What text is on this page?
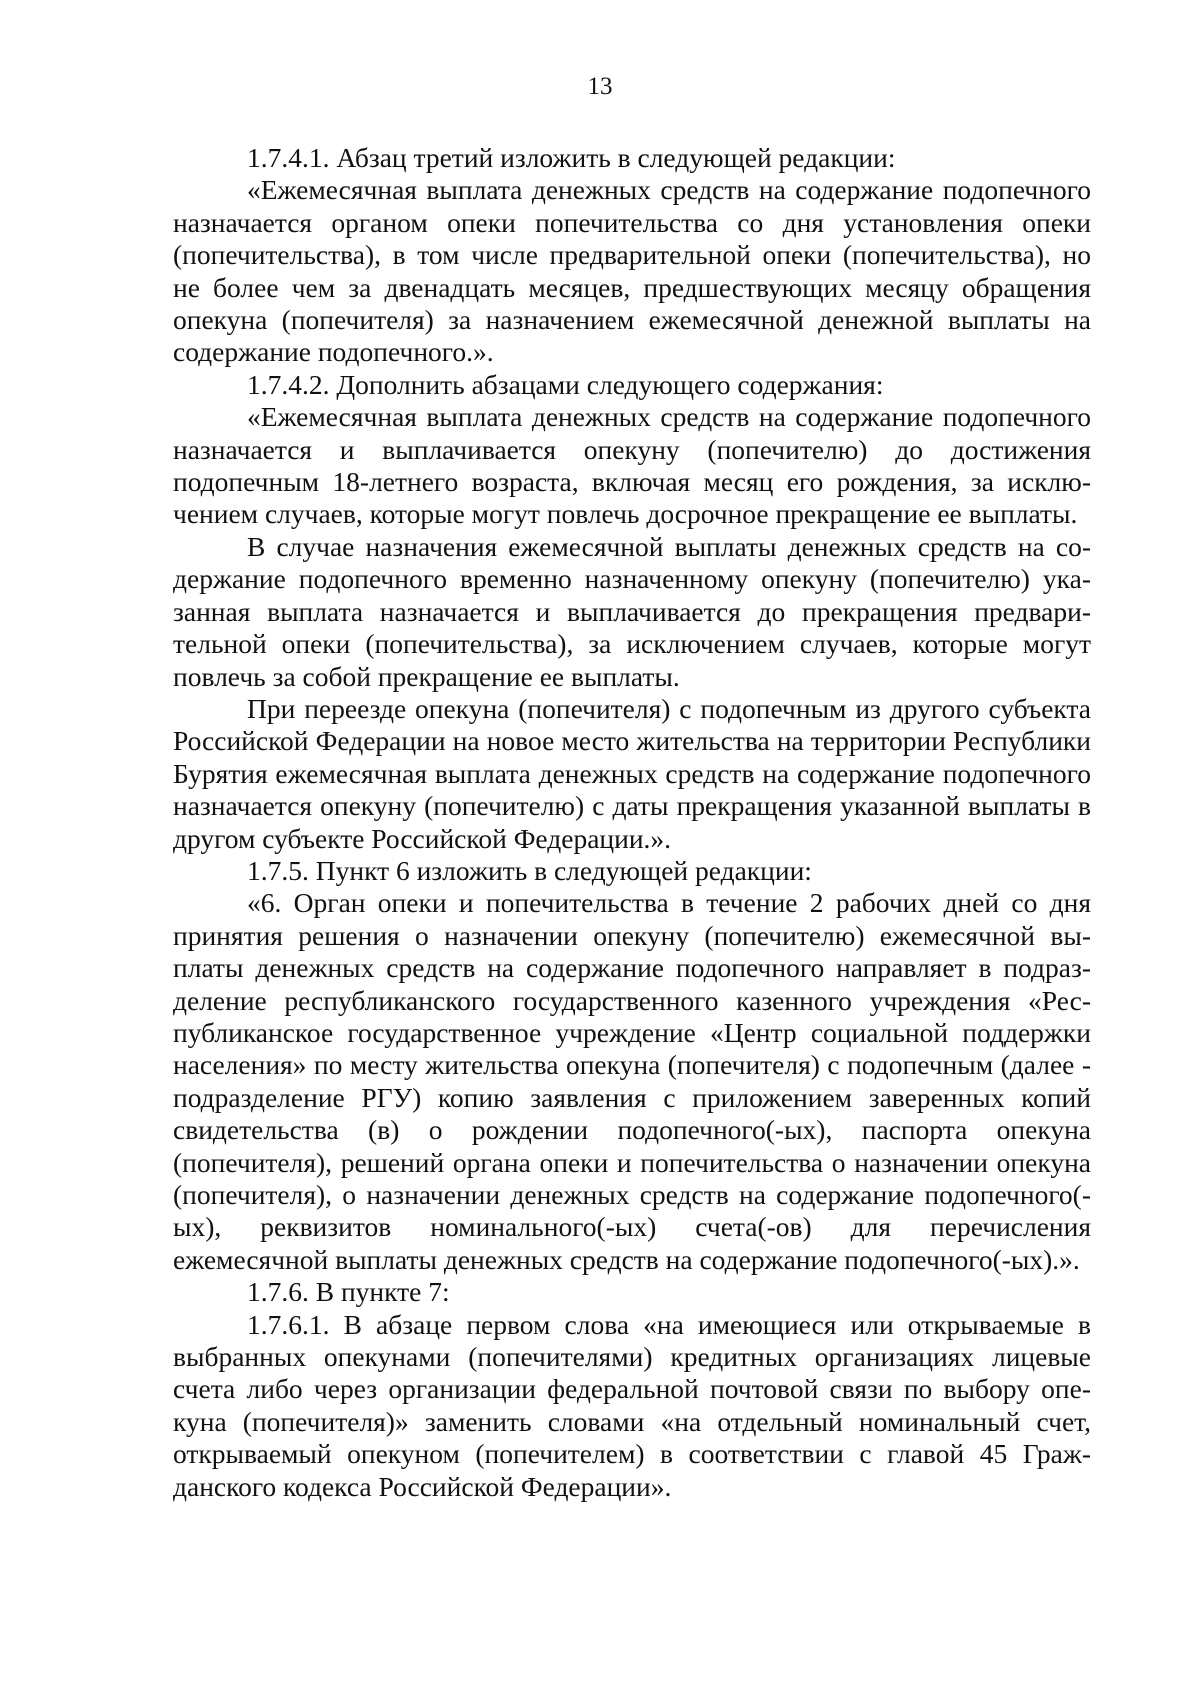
13

1.7.4.1. Абзац третий изложить в следующей редакции:

«Ежемесячная выплата денежных средств на содержание подопечного назначается органом опеки попечительства со дня установления опеки (попечительства), в том числе предварительной опеки (попечительства), но не более чем за двенадцать месяцев, предшествующих месяцу обращения опекуна (попечителя) за назначением ежемесячной денежной выплаты на содержание подопечного.».

1.7.4.2. Дополнить абзацами следующего содержания:

«Ежемесячная выплата денежных средств на содержание подопечного назначается и выплачивается опекуну (попечителю) до достижения подопечным 18-летнего возраста, включая месяц его рождения, за исключением случаев, которые могут повлечь досрочное прекращение ее выплаты.

В случае назначения ежемесячной выплаты денежных средств на содержание подопечного временно назначенному опекуну (попечителю) указанная выплата назначается и выплачивается до прекращения предварительной опеки (попечительства), за исключением случаев, которые могут повлечь за собой прекращение ее выплаты.

При переезде опекуна (попечителя) с подопечным из другого субъекта Российской Федерации на новое место жительства на территории Республики Бурятия ежемесячная выплата денежных средств на содержание подопечного назначается опекуну (попечителю) с даты прекращения указанной выплаты в другом субъекте Российской Федерации.».

1.7.5. Пункт 6 изложить в следующей редакции:

«6. Орган опеки и попечительства в течение 2 рабочих дней со дня принятия решения о назначении опекуну (попечителю) ежемесячной выплаты денежных средств на содержание подопечного направляет в подразделение республиканского государственного казенного учреждения «Республиканское государственное учреждение «Центр социальной поддержки населения» по месту жительства опекуна (попечителя) с подопечным (далее - подразделение РГУ) копию заявления с приложением заверенных копий свидетельства (в) о рождении подопечного(-ых), паспорта опекуна (попечителя), решений органа опеки и попечительства о назначении опекуна (попечителя), о назначении денежных средств на содержание подопечного(-ых), реквизитов номинального(-ых) счета(-ов) для перечисления ежемесячной выплаты денежных средств на содержание подопечного(-ых).».

1.7.6. В пункте 7:

1.7.6.1. В абзаце первом слова «на имеющиеся или открываемые в выбранных опекунами (попечителями) кредитных организациях лицевые счета либо через организации федеральной почтовой связи по выбору опекуна (попечителя)» заменить словами «на отдельный номинальный счет, открываемый опекуном (попечителем) в соответствии с главой 45 Гражданского кодекса Российской Федерации».
